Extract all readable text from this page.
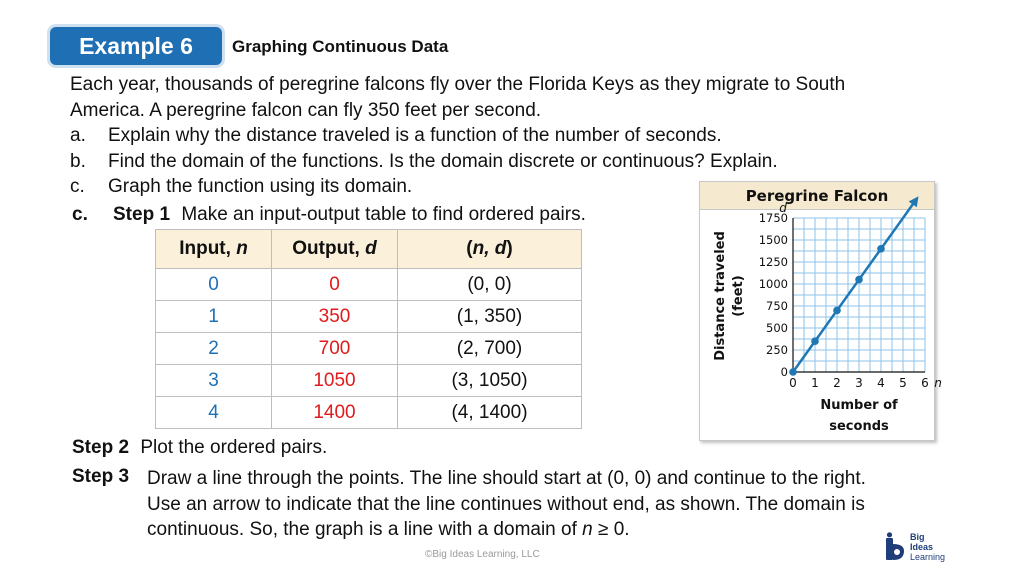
Example 6	Graphing Continuous Data
Each year, thousands of peregrine falcons fly over the Florida Keys as they migrate to South
America. A peregrine falcon can fly 350 feet per second.
a.	Explain why the distance traveled is a function of the number of seconds.
b.	Find the domain of the functions. Is the domain discrete or continuous? Explain.
c.	Graph the function using its domain.
c. Step 1 Make an input-output table to find ordered pairs.
Input, n	Output, d	(n, d)
0	0	(0, 0)
1	350	(1, 350)
2	700	(2, 700)
3	1050	(3, 1050)
4	1400	(4, 1400)
Peregrine Falcon
Distance traveled (feet)
Number of
seconds
0 1 2 3 4 5 6
0
250
500
750
1000
1250
1500
1750
n
d
Step 2 Plot the ordered pairs.
Step 3 Draw a line through the points. The line should start at (0, 0) and continue to the right.
Use an arrow to indicate that the line continues without end, as shown. The domain is
continuous. So, the graph is a line with a domain of n ≥ 0.
©Big Ideas Learning, LLC
Big
Ideas
Learning
